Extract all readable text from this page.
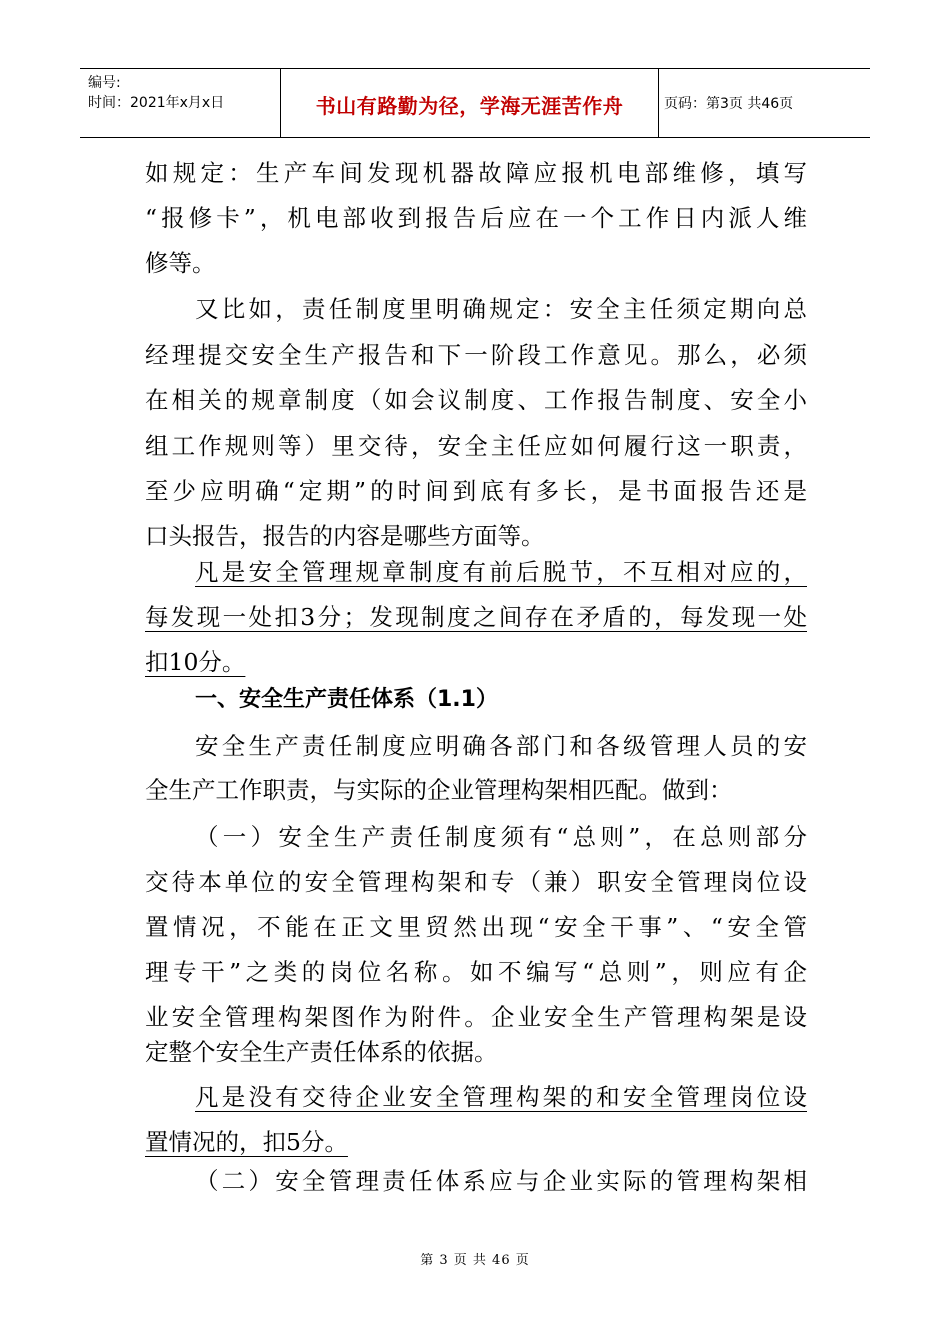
编号:
时间：2021年x月x日	书山有路勤为径，学海无涯苦作舟	页码：第3页 共46页
如规定：生产车间发现机器故障应报机电部维修，填写
“报修卡”，机电部收到报告后应在一个工作日内派人维
修等。
又比如，责任制度里明确规定：安全主任须定期向总
经理提交安全生产报告和下一阶段工作意见。那么，必须
在相关的规章制度（如会议制度、工作报告制度、安全小
组工作规则等）里交待，安全主任应如何履行这一职责，
至少应明确“定期”的时间到底有多长，是书面报告还是
口头报告，报告的内容是哪些方面等。
凡是安全管理规章制度有前后脱节，不互相对应的，
每发现一处扣3分；发现制度之间存在矛盾的，每发现一处
扣10分。
一、安全生产责任体系（1.1）
安全生产责任制度应明确各部门和各级管理人员的安
全生产工作职责，与实际的企业管理构架相匹配。做到：
（一）安全生产责任制度须有“总则”，在总则部分
交待本单位的安全管理构架和专（兼）职安全管理岗位设
置情况，不能在正文里贸然出现“安全干事”、“安全管
理专干”之类的岗位名称。如不编写“总则”，则应有企
业安全管理构架图作为附件。企业安全生产管理构架是设
定整个安全生产责任体系的依据。
凡是没有交待企业安全管理构架的和安全管理岗位设
置情况的，扣5分。
（二）安全管理责任体系应与企业实际的管理构架相
第 3 页 共 46 页
